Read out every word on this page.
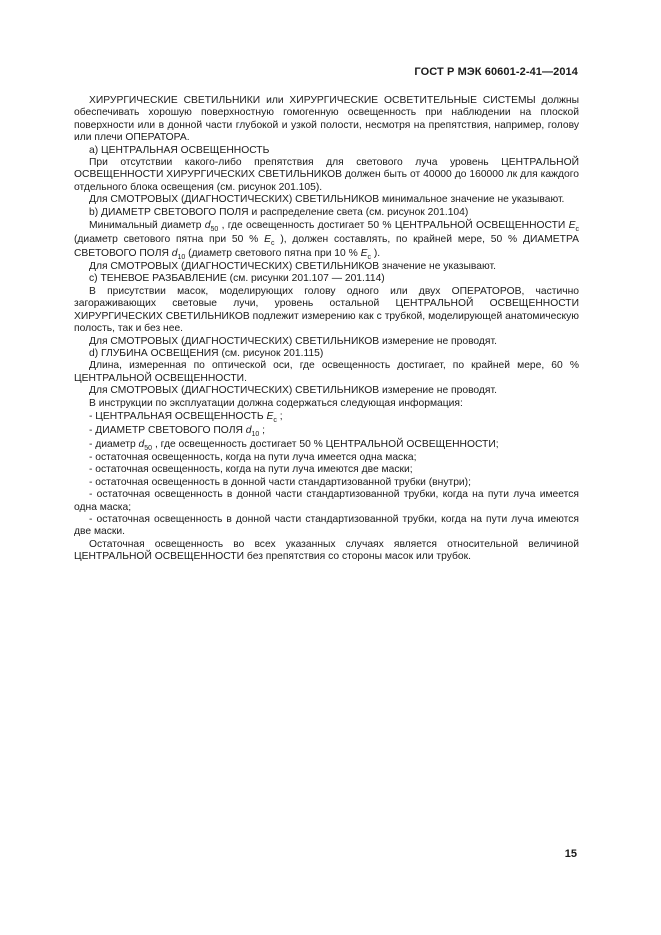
ГОСТ Р МЭК 60601-2-41—2014

ХИРУРГИЧЕСКИЕ СВЕТИЛЬНИКИ или ХИРУРГИЧЕСКИЕ ОСВЕТИТЕЛЬНЫЕ СИСТЕМЫ должны обеспечивать хорошую поверхностную гомогенную освещенность при наблюдении на плоской поверхности или в донной части глубокой и узкой полости, несмотря на препятствия, например, голову или плечи ОПЕРАТОРА.

а) ЦЕНТРАЛЬНАЯ ОСВЕЩЕННОСТЬ

При отсутствии какого-либо препятствия для светового луча уровень ЦЕНТРАЛЬНОЙ ОСВЕЩЕННОСТИ ХИРУРГИЧЕСКИХ СВЕТИЛЬНИКОВ должен быть от 40000 до 160000 лк для каждого отдельного блока освещения (см. рисунок 201.105).

Для СМОТРОВЫХ (ДИАГНОСТИЧЕСКИХ) СВЕТИЛЬНИКОВ минимальное значение не указывают.

b) ДИАМЕТР СВЕТОВОГО ПОЛЯ и распределение света (см. рисунок 201.104)

Минимальный диаметр $d_{50}$ , где освещенность достигает 50 % ЦЕНТРАЛЬНОЙ ОСВЕЩЕННОСТИ $E_c$ (диаметр светового пятна при 50 % $E_c$ ), должен составлять, по крайней мере, 50 % ДИАМЕТРА СВЕТОВОГО ПОЛЯ $d_{10}$ (диаметр светового пятна при 10 % $E_c$ ).

Для СМОТРОВЫХ (ДИАГНОСТИЧЕСКИХ) СВЕТИЛЬНИКОВ значение не указывают.

с) ТЕНЕВОЕ РАЗБАВЛЕНИЕ (см. рисунки 201.107 — 201.114)

В присутствии масок, моделирующих голову одного или двух ОПЕРАТОРОВ, частично загораживающих световые лучи, уровень остальной ЦЕНТРАЛЬНОЙ ОСВЕЩЕННОСТИ ХИРУРГИЧЕСКИХ СВЕТИЛЬНИКОВ подлежит измерению как с трубкой, моделирующей анатомическую полость, так и без нее.

Для СМОТРОВЫХ (ДИАГНОСТИЧЕСКИХ) СВЕТИЛЬНИКОВ измерение не проводят.

d) ГЛУБИНА ОСВЕЩЕНИЯ (см. рисунок 201.115)

Длина, измеренная по оптической оси, где освещенность достигает, по крайней мере, 60 % ЦЕНТРАЛЬНОЙ ОСВЕЩЕННОСТИ.

Для СМОТРОВЫХ (ДИАГНОСТИЧЕСКИХ) СВЕТИЛЬНИКОВ измерение не проводят.

В инструкции по эксплуатации должна содержаться следующая информация:

- ЦЕНТРАЛЬНАЯ ОСВЕЩЕННОСТЬ $E_c$ ;

- ДИАМЕТР СВЕТОВОГО ПОЛЯ $d_{10}$ ;

- диаметр $d_{50}$ , где освещенность достигает 50 % ЦЕНТРАЛЬНОЙ ОСВЕЩЕННОСТИ;

- остаточная освещенность, когда на пути луча имеется одна маска;

- остаточная освещенность, когда на пути луча имеются две маски;

- остаточная освещенность в донной части стандартизованной трубки (внутри);

- остаточная освещенность в донной части стандартизованной трубки, когда на пути луча имеется одна маска;

- остаточная освещенность в донной части стандартизованной трубки, когда на пути луча имеются две маски.

Остаточная освещенность во всех указанных случаях является относительной величиной ЦЕНТРАЛЬНОЙ ОСВЕЩЕННОСТИ без препятствия со стороны масок или трубок.

15
